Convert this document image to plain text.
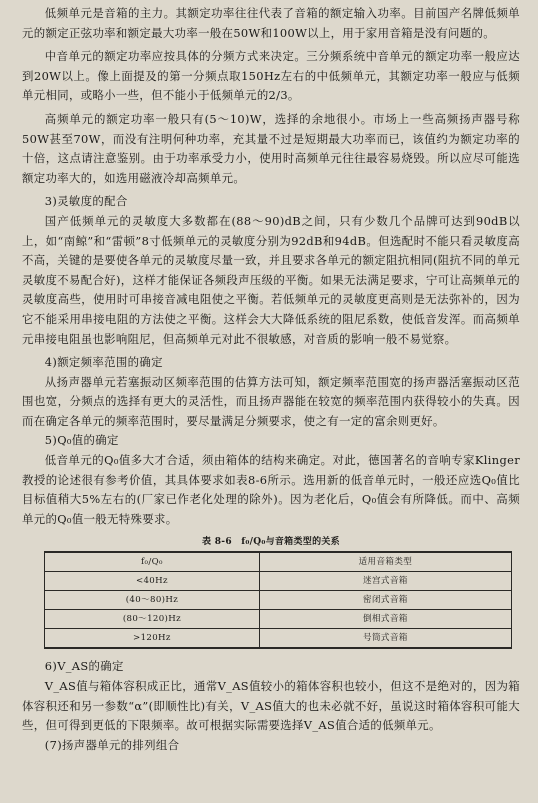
低频单元是音箱的主力。其额定功率往往代表了音箱的额定输入功率。目前国产名牌低频单元的额定正弦功率和额定最大功率一般在50W和100W以上，用于家用音箱是没有问题的。

中音单元的额定功率应按具体的分频方式来决定。三分频系统中音单元的额定功率一般应达到20W以上。像上面提及的第一分频点取150Hz左右的中低频单元，其额定功率一般应与低频单元相同，或略小一些，但不能小于低频单元的2/3。

高频单元的额定功率一般只有(5～10)W，选择的余地很小。市场上一些高频扬声器号称50W甚至70W，而没有注明何种功率，充其量不过是短期最大功率而已，该值约为额定功率的十倍，这点请注意鉴别。由于功率承受力小，使用时高频单元往往最容易烧毁。所以应尽可能选额定功率大的，如选用磁液冷却高频单元。

3)灵敏度的配合

国产低频单元的灵敏度大多数都在(88～90)dB之间，只有少数几个品牌可达到90dB以上，如“南鲸”和“雷顿”8寸低频单元的灵敏度分别为92dB和94dB。但选配时不能只看灵敏度高不高，关键的是要使各单元的灵敏度尽量一致，并且要求各单元的额定阻抗相同(阻抗不同的单元灵敏度不易配合好)，这样才能保证各频段声压级的平衡。如果无法满足要求，宁可让高频单元的灵敏度高些，使用时可串接音减电阻使之平衡。若低频单元的灵敏度更高则是无法弥补的，因为它不能采用串接电阻的方法使之平衡。这样会大大降低系统的阻尼系数，使低音发浑。而高频单元串接电阻虽也影响阻尼，但高频单元对此不很敏感，对音质的影响一般不易觉察。

4)额定频率范围的确定

从扬声器单元若塞振动区频率范围的估算方法可知，额定频率范围宽的扬声器活塞振动区范围也宽，分频点的选择有更大的灵活性，而且扬声器能在较宽的频率范围内获得较小的失真。因而在确定各单元的频率范围时，要尽量满足分频要求，使之有一定的富余则更好。

5)Q₀值的确定

低音单元的Q₀值多大才合适，须由箱体的结构来确定。对此，德国著名的音响专家Klinger教授的论述很有参考价值，其具体要求如表8-6所示。选用新的低音单元时，一般还应选Q₀值比目标值稍大5%左右的(厂家已作老化处理的除外)。因为老化后，Q₀值会有所降低。而中、高频单元的Q₀值一般无特殊要求。

表 8-6　f₀/Q₀与音箱类型的关系
f₀/Q₀	适用音箱类型
<40Hz	迷宫式音箱
(40～80)Hz	密闭式音箱
(80～120)Hz	倒相式音箱
>120Hz	号筒式音箱

6)V_AS的确定

V_AS值与箱体容积成正比，通常V_AS值较小的箱体容积也较小，但这不是绝对的，因为箱体容积还和另一参数“α”(即顺性比)有关，V_AS值大的也未必就不好，虽说这时箱体容积可能大些，但可得到更低的下限频率。故可根据实际需要选择V_AS值合适的低频单元。

(7)扬声器单元的排列组合
